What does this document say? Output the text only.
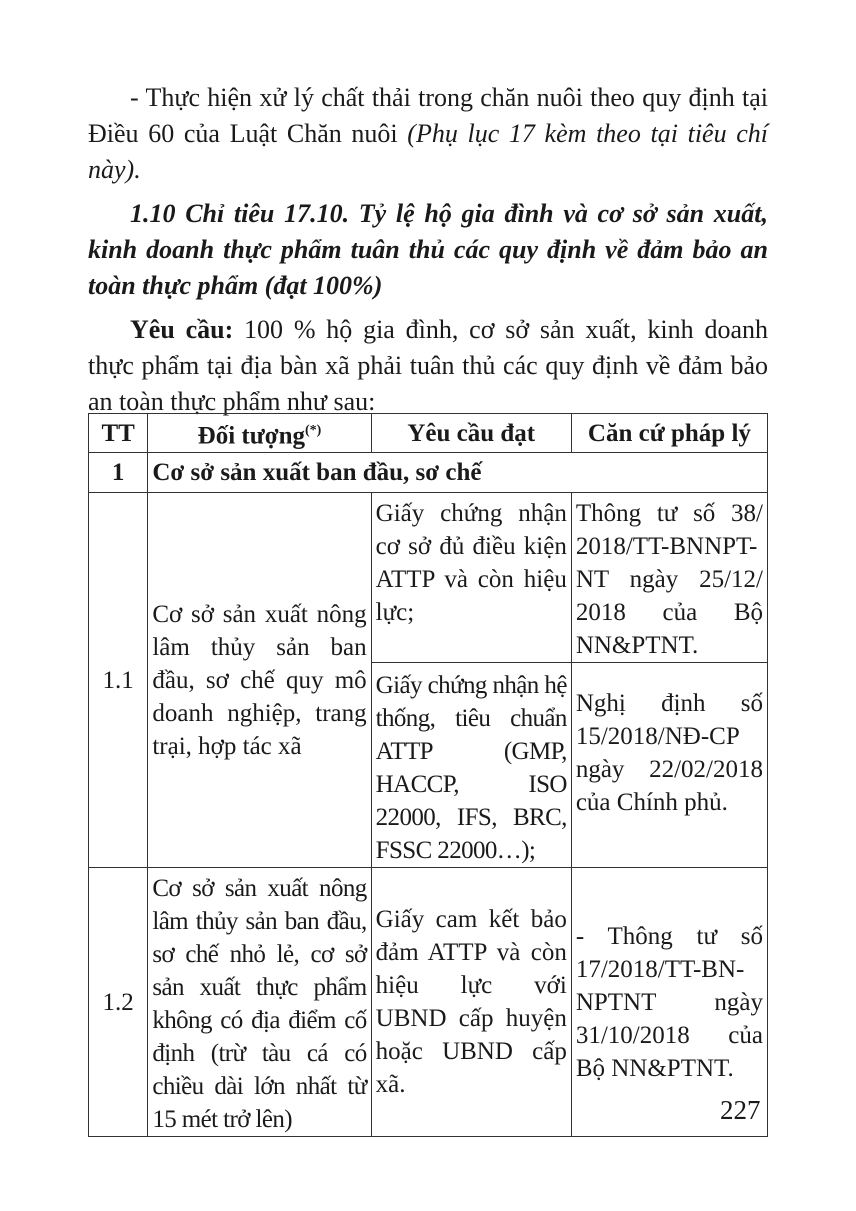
- Thực hiện xử lý chất thải trong chăn nuôi theo quy định tại Điều 60 của Luật Chăn nuôi (Phụ lục 17 kèm theo tại tiêu chí này).

1.10 Chỉ tiêu 17.10. Tỷ lệ hộ gia đình và cơ sở sản xuất, kinh doanh thực phẩm tuân thủ các quy định về đảm bảo an toàn thực phẩm (đạt 100%)

Yêu cầu: 100 % hộ gia đình, cơ sở sản xuất, kinh doanh thực phẩm tại địa bàn xã phải tuân thủ các quy định về đảm bảo an toàn thực phẩm như sau:

TT	Đối tượng(*)	Yêu cầu đạt	Căn cứ pháp lý
1	Cơ sở sản xuất ban đầu, sơ chế		
1.1	Cơ sở sản xuất nông lâm thủy sản ban đầu, sơ chế quy mô doanh nghiệp, trang trại, hợp tác xã	Giấy chứng nhận cơ sở đủ điều kiện ATTP và còn hiệu lực;	Thông tư số 38/ 2018/TT-BNNPT-NT ngày 25/12/ 2018 của Bộ NN&PTNT.
		Giấy chứng nhận hệ thống, tiêu chuẩn ATTP (GMP, HACCP, ISO 22000, IFS, BRC, FSSC 22000…);	Nghị định số 15/2018/NĐ-CP ngày 22/02/2018 của Chính phủ.
1.2	Cơ sở sản xuất nông lâm thủy sản ban đầu, sơ chế nhỏ lẻ, cơ sở sản xuất thực phẩm không có địa điểm cố định (trừ tàu cá có chiều dài lớn nhất từ 15 mét trở lên)	Giấy cam kết bảo đảm ATTP và còn hiệu lực với UBND cấp huyện hoặc UBND cấp xã.	- Thông tư số 17/2018/TT-BN-NPTNT ngày 31/10/2018 của Bộ NN&PTNT.
227
